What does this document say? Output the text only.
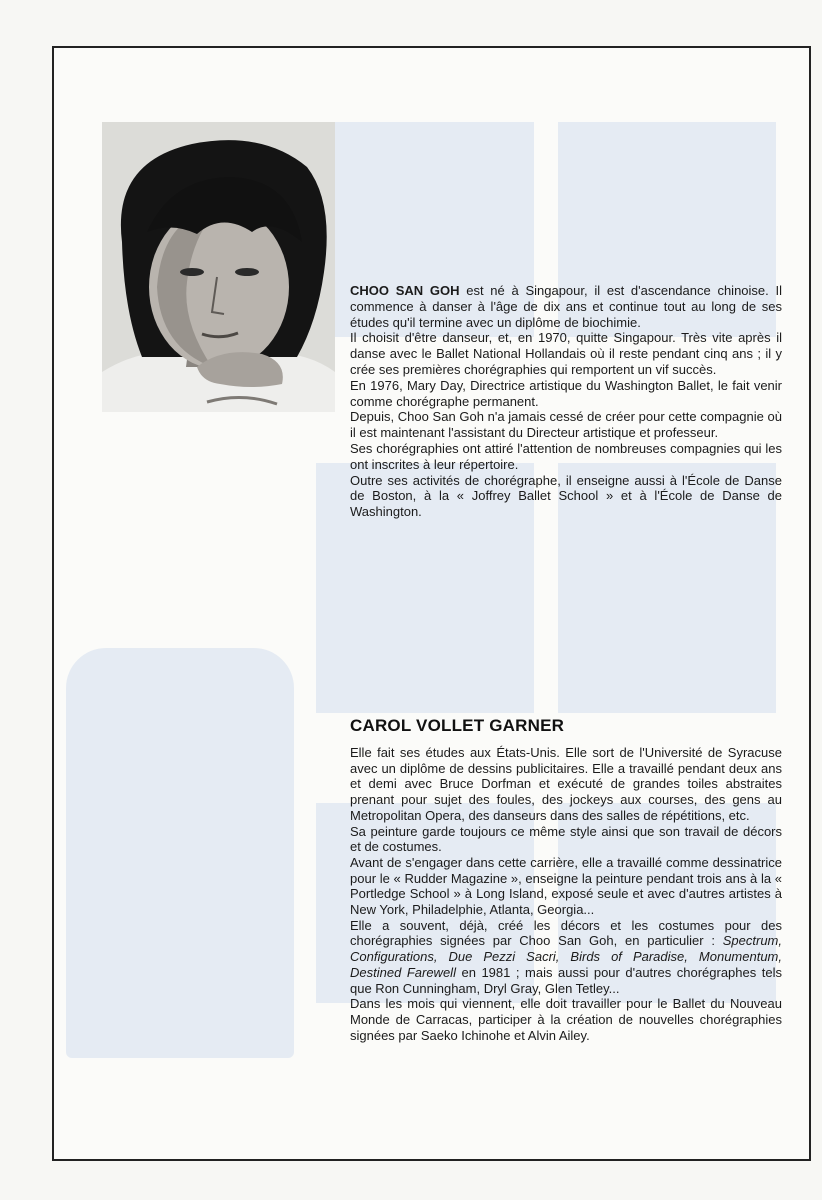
CHOO SAN GOH est né à Singapour, il est d'ascendance chinoise. Il commence à danser à l'âge de dix ans et continue tout au long de ses études qu'il termine avec un diplôme de biochimie.

Il choisit d'être danseur, et, en 1970, quitte Singapour. Très vite après il danse avec le Ballet National Hollandais où il reste pendant cinq ans ; il y crée ses premières chorégraphies qui remportent un vif succès.

En 1976, Mary Day, Directrice artistique du Washington Ballet, le fait venir comme chorégraphe permanent.

Depuis, Choo San Goh n'a jamais cessé de créer pour cette compagnie où il est maintenant l'assistant du Directeur artistique et professeur.

Ses chorégraphies ont attiré l'attention de nombreuses compagnies qui les ont inscrites à leur répertoire.

Outre ses activités de chorégraphe, il enseigne aussi à l'École de Danse de Boston, à la « Joffrey Ballet School » et à l'École de Danse de Washington.

CAROL VOLLET GARNER

Elle fait ses études aux États-Unis. Elle sort de l'Université de Syracuse avec un diplôme de dessins publicitaires. Elle a travaillé pendant deux ans et demi avec Bruce Dorfman et exécuté de grandes toiles abstraites prenant pour sujet des foules, des jockeys aux courses, des gens au Metropolitan Opera, des danseurs dans des salles de répétitions, etc.

Sa peinture garde toujours ce même style ainsi que son travail de décors et de costumes.

Avant de s'engager dans cette carrière, elle a travaillé comme dessinatrice pour le « Rudder Magazine », enseigne la peinture pendant trois ans à la « Portledge School » à Long Island, exposé seule et avec d'autres artistes à New York, Philadelphie, Atlanta, Georgia...

Elle a souvent, déjà, créé les décors et les costumes pour des chorégraphies signées par Choo San Goh, en particulier : Spectrum, Configurations, Due Pezzi Sacri, Birds of Paradise, Monumentum, Destined Farewell en 1981 ; mais aussi pour d'autres chorégraphes tels que Ron Cunningham, Dryl Gray, Glen Tetley...

Dans les mois qui viennent, elle doit travailler pour le Ballet du Nouveau Monde de Carracas, participer à la création de nouvelles chorégraphies signées par Saeko Ichinohe et Alvin Ailey.
